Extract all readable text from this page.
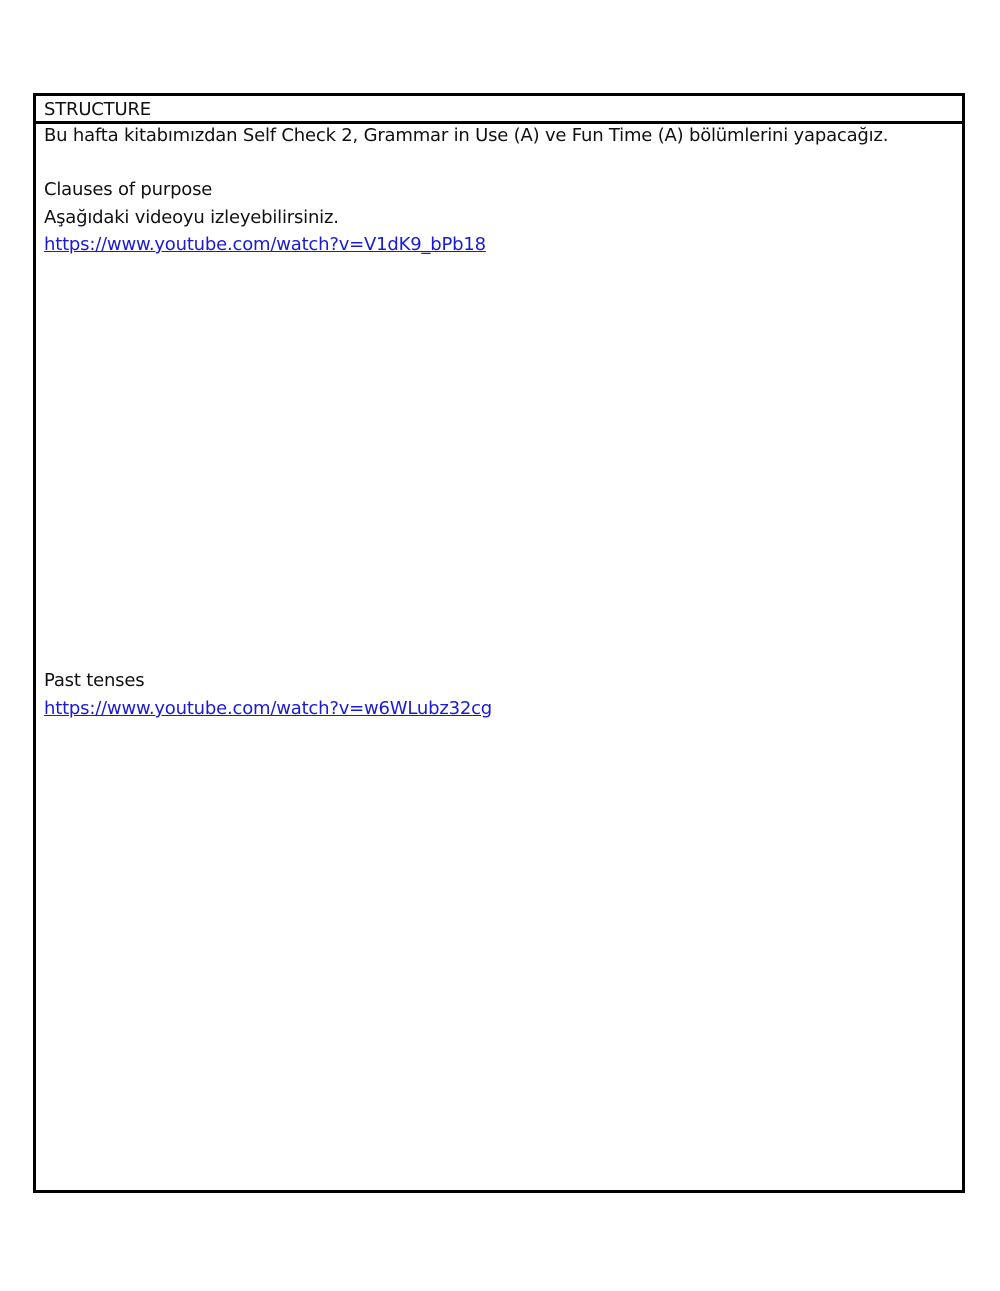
STRUCTURE
Bu hafta kitabımızdan Self Check 2, Grammar in Use (A) ve Fun Time (A) bölümlerini yapacağız.
Clauses of purpose
Aşağıdaki videoyu izleyebilirsiniz.
https://www.youtube.com/watch?v=V1dK9_bPb18
Past tenses
https://www.youtube.com/watch?v=w6WLubz32cg
